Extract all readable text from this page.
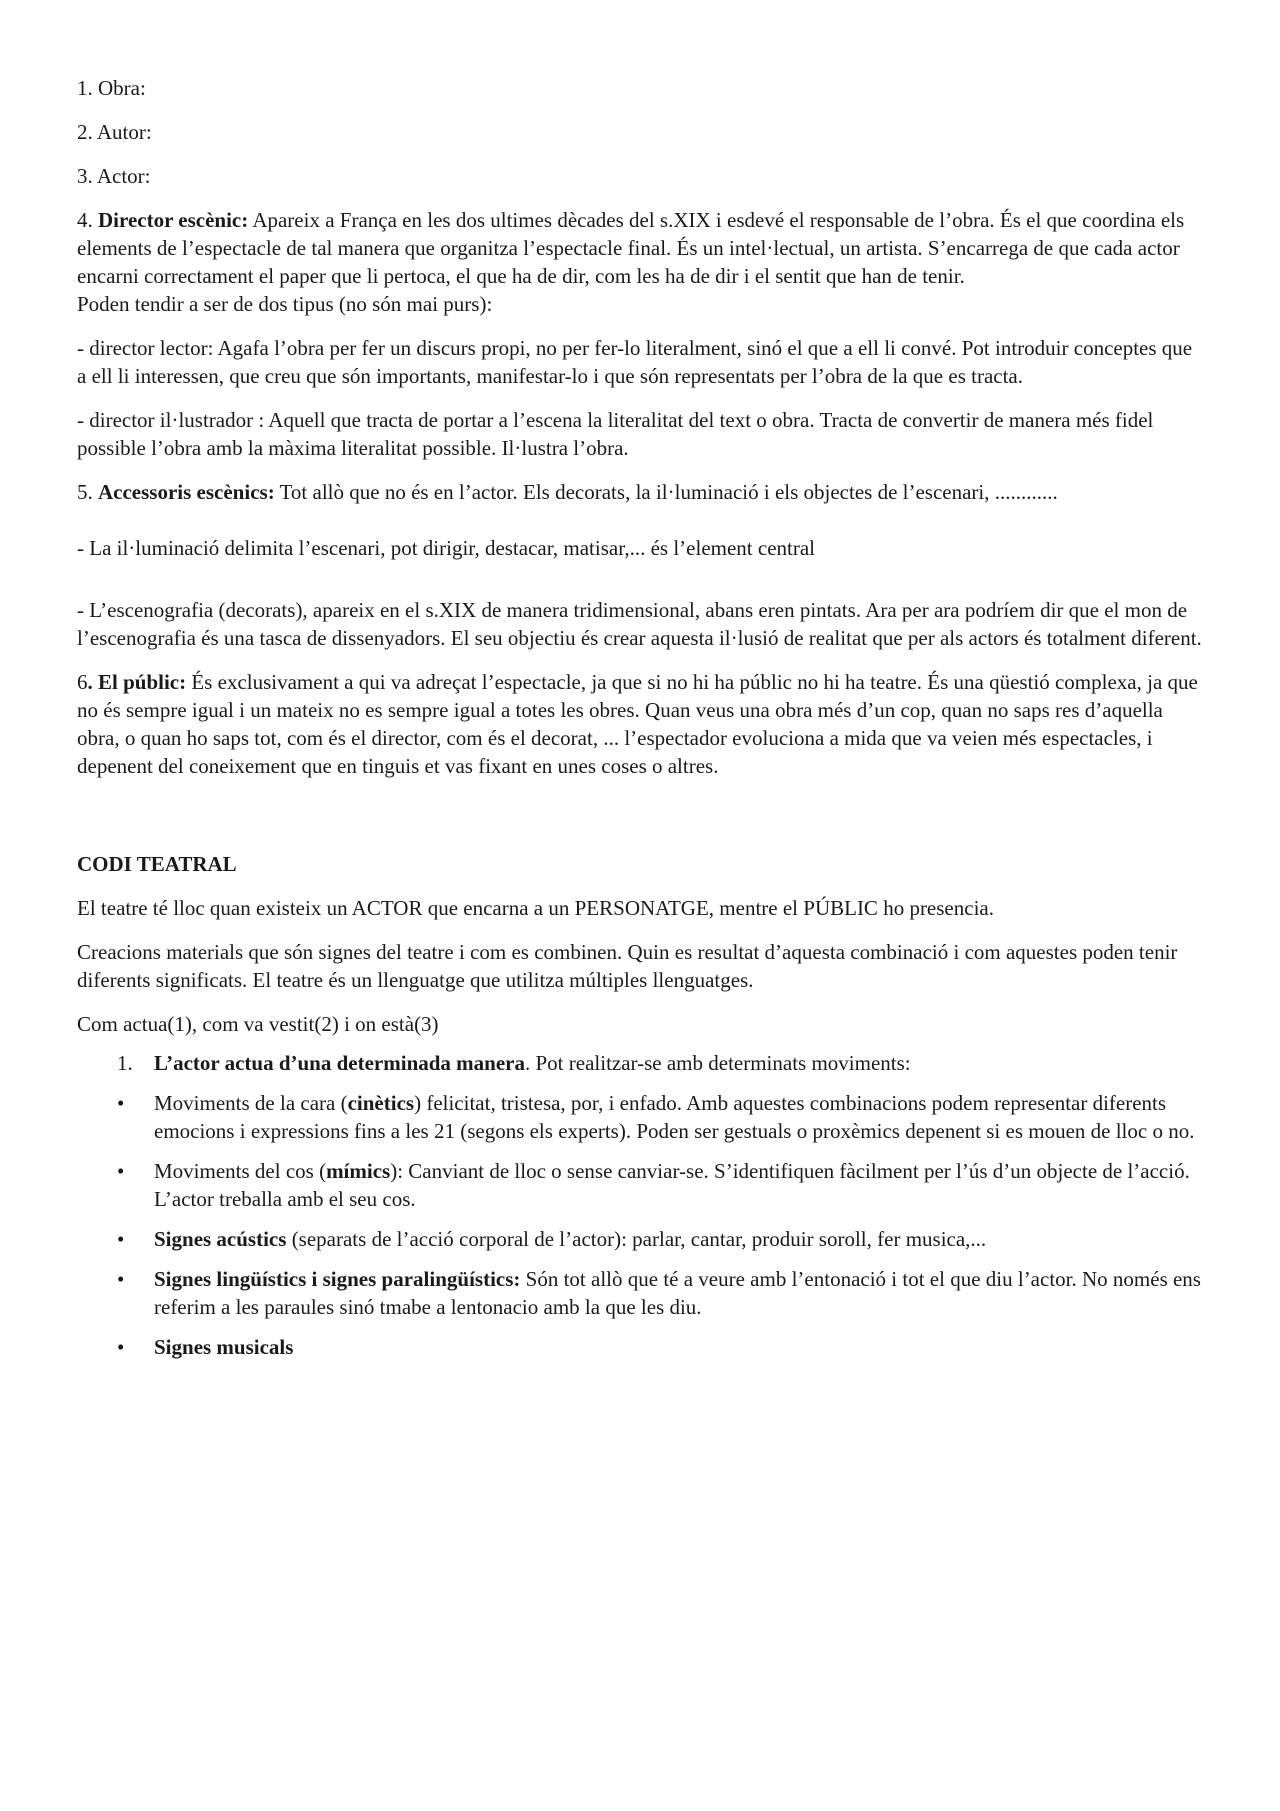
1. Obra:

2. Autor:

3. Actor:

4. Director escènic: Apareix a França en les dos ultimes dècades del s.XIX i esdevé el responsable de l’obra. És el que coordina els elements de l’espectacle de tal manera que organitza l’espectacle final. És un intel·lectual, un artista. S’encarrega de que cada actor encarni correctament el paper que li pertoca, el que ha de dir, com les ha de dir i el sentit que han de tenir.

Poden tendir a ser de dos tipus (no són mai purs):

- director lector: Agafa l’obra per fer un discurs propi, no per fer-lo literalment, sinó el que a ell li convé. Pot introduir conceptes que a ell li interessen, que creu que són importants, manifestar-lo i que són representats per l’obra de la que es tracta.

- director il·lustrador : Aquell que tracta de portar a l’escena la literalitat del text o obra. Tracta de convertir de manera més fidel possible l’obra amb la màxima literalitat possible. Il·lustra l’obra.

5. Accessoris escènics: Tot allò que no és en l’actor. Els decorats, la il·luminació i els objectes de l’escenari, ............

- La il·luminació delimita l’escenari, pot dirigir, destacar, matisar,... és l’element central

- L’escenografia (decorats), apareix en el s.XIX de manera tridimensional, abans eren pintats. Ara per ara podríem dir que el mon de l’escenografia és una tasca de dissenyadors. El seu objectiu és crear aquesta il·lusió de realitat que per als actors és totalment diferent.

6. El públic: És exclusivament a qui va adreçat l’espectacle, ja que si no hi ha públic no hi ha teatre. És una qüestió complexa, ja que no és sempre igual i un mateix no es sempre igual a totes les obres. Quan veus una obra més d’un cop, quan no saps res d’aquella obra, o quan ho saps tot, com és el director, com és el decorat, ... l’espectador evoluciona a mida que va veien més espectacles, i depenent del coneixement que en tinguis et vas fixant en unes coses o altres.

CODI TEATRAL

El teatre té lloc quan existeix un ACTOR que encarna a un PERSONATGE, mentre el PÚBLIC ho presencia.

Creacions materials que són signes del teatre i com es combinen. Quin es resultat d’aquesta combinació i com aquestes poden tenir diferents significats. El teatre és un llenguatge que utilitza múltiples llenguatges.

Com actua(1), com va vestit(2) i on està(3)

1.	L’actor actua d’una determinada manera. Pot realitzar-se amb determinats moviments:
•	Moviments de la cara (cinètics) felicitat, tristesa, por, i enfado. Amb aquestes combinacions podem representar diferents emocions i expressions fins a les 21 (segons els experts). Poden ser gestuals o proxèmics depenent si es mouen de lloc o no.
•	Moviments del cos (mímics): Canviant de lloc o sense canviar-se. S’identifiquen fàcilment per l’ús d’un objecte de l’acció. L’actor treballa amb el seu cos.
•	Signes acústics (separats de l’acció corporal de l’actor): parlar, cantar, produir soroll, fer musica,...
•	Signes lingüístics i signes paralingüístics: Són tot allò que té a veure amb l’entonació i tot el que diu l’actor. No només ens referim a les paraules sinó tmabe a lentonacio amb la que les diu.
•	Signes musicals
